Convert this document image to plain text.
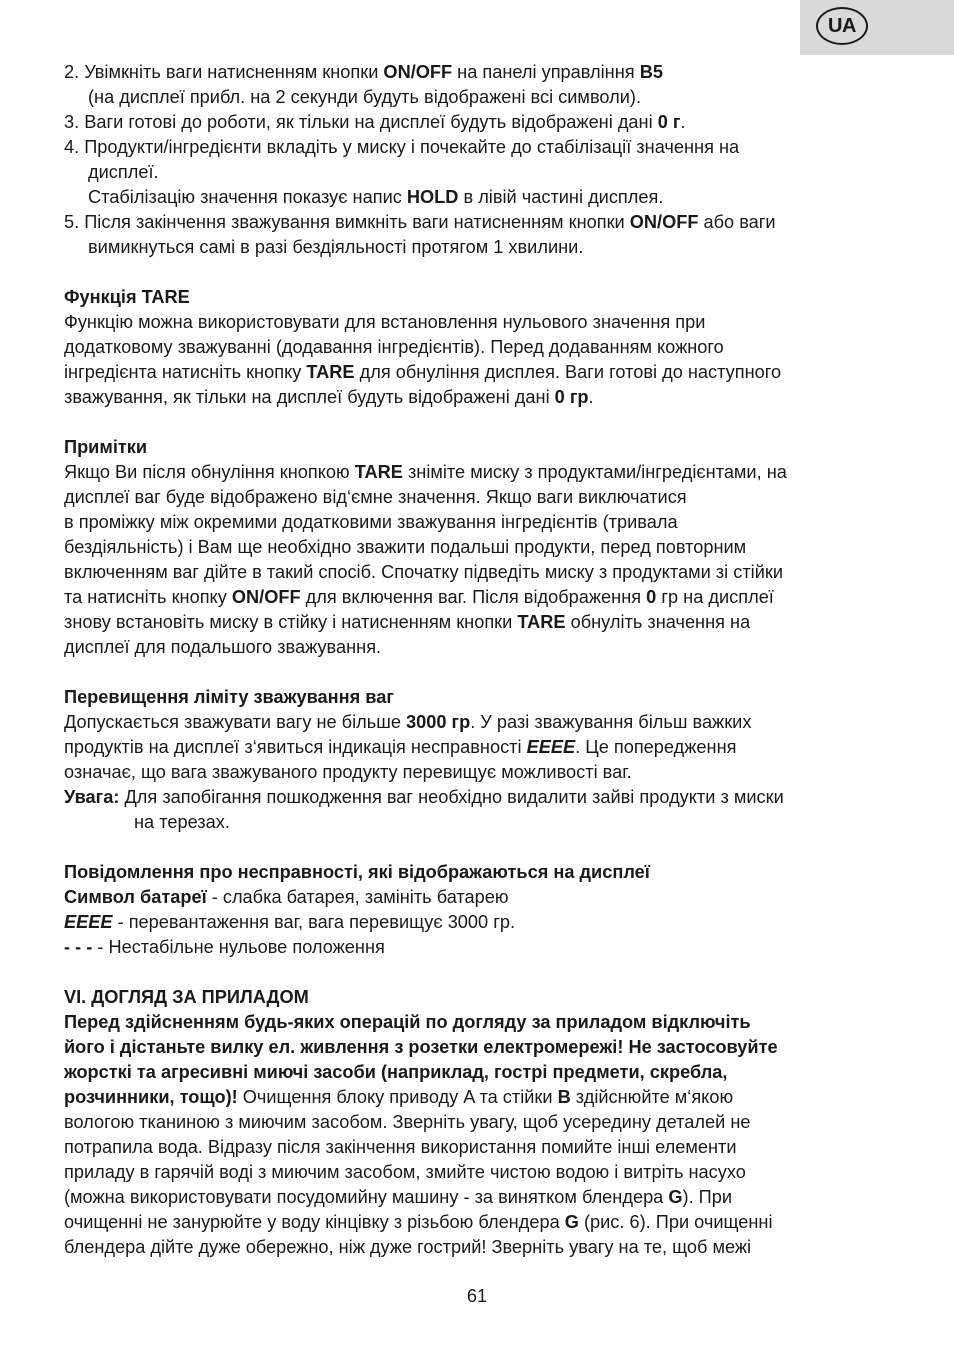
UA
2. Увімкніть ваги натисненням кнопки ON/OFF на панелі управління B5
(на дисплеї прибл. на 2 секунди будуть відображені всі символи).
3. Ваги готові до роботи, як тільки на дисплеї будуть відображені дані 0 г.
4. Продукти/інгредієнти вкладіть у миску і почекайте до стабілізації значення на
дисплеї.
Стабілізацію значення показує напис HOLD в лівій частині дисплея.
5. Після закінчення зважування вимкніть ваги натисненням кнопки ON/OFF або ваги
вимикнуться самі в разі бездіяльності протягом 1 хвилини.
Функція TARE
Функцію можна використовувати для встановлення нульового значення при
додатковому зважуванні (додавання інгредієнтів). Перед додаванням кожного
інгредієнта натисніть кнопку TARE для обнуління дисплея. Ваги готові до наступного
зважування, як тільки на дисплеї будуть відображені дані 0 гр.
Примітки
Якщо Ви після обнуління кнопкою TARE зніміте миску з продуктами/інгредієнтами, на
дисплеї ваг буде відображено від‘ємне значення. Якщо ваги виключатися
в проміжку між окремими додатковими зважування інгредієнтів (тривала
бездіяльність) і Вам ще необхідно зважити подальші продукти, перед повторним
включенням ваг дійте в такий спосіб. Спочатку підведіть миску з продуктами зі стійки
та натисніть кнопку ON/OFF для включення ваг. Після відображення 0 гр на дисплеї
знову встановіть миску в стійку і натисненням кнопки TARE обнуліть значення на
дисплеї для подальшого зважування.
Перевищення ліміту зважування ваг
Допускається зважувати вагу не більше 3000 гр. У разі зважування більш важких
продуктів на дисплеї з‘явиться індикація несправності EEEE. Це попередження
означає, що вага зважуваного продукту перевищує можливості ваг.
Увага: Для запобігання пошкодження ваг необхідно видалити зайві продукти з миски
на терезах.
Повідомлення про несправності, які відображаються на дисплеї
Символ батареї - слабка батарея, замініть батарею
EEEE - перевантаження ваг, вага перевищує 3000 гр.
- - - - Нестабільне нульове положення
VI. ДОГЛЯД ЗА ПРИЛАДОМ
Перед здійсненням будь-яких операцій по догляду за приладом відключіть
його і дістаньте вилку ел. живлення з розетки електромережі! Не застосовуйте
жорсткі та агресивні миючі засоби (наприклад, гострі предмети, скребла,
розчинники, тощо)! Очищення блоку приводу A та стійки B здійснюйте м‘якою
вологою тканиною з миючим засобом. Зверніть увагу, щоб усередину деталей не
потрапила вода. Відразу після закінчення використання помийте інші елементи
приладу в гарячій воді з миючим засобом, змийте чистою водою і витріть насухо
(можна використовувати посудомийну машину - за винятком блендера G). При
очищенні не занурюйте у воду кінцівку з різьбою блендера G (рис. 6). При очищенні
блендера дійте дуже обережно, ніж дуже гострий! Зверніть увагу на те, щоб межі
61
